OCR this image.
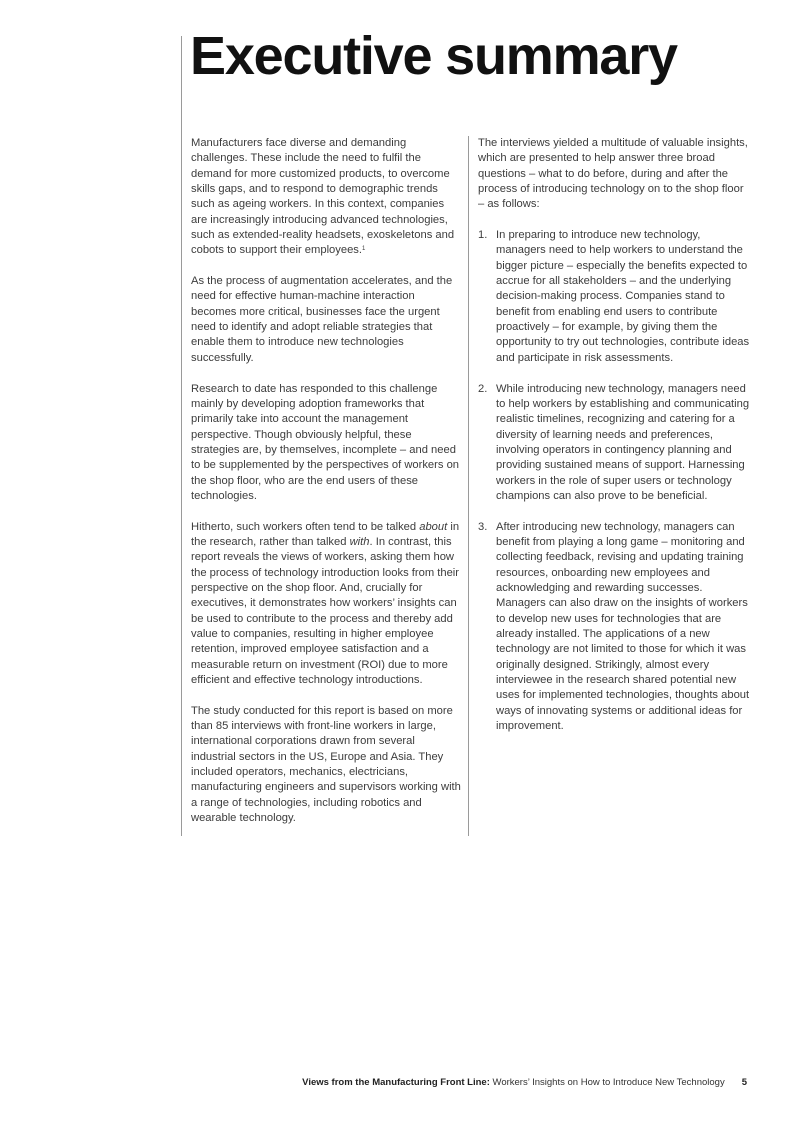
Executive summary

Manufacturers face diverse and demanding challenges. These include the need to fulfil the demand for more customized products, to overcome skills gaps, and to respond to demographic trends such as ageing workers. In this context, companies are increasingly introducing advanced technologies, such as extended-reality headsets, exoskeletons and cobots to support their employees.$^1$

As the process of augmentation accelerates, and the need for effective human-machine interaction becomes more critical, businesses face the urgent need to identify and adopt reliable strategies that enable them to introduce new technologies successfully.

Research to date has responded to this challenge mainly by developing adoption frameworks that primarily take into account the management perspective. Though obviously helpful, these strategies are, by themselves, incomplete – and need to be supplemented by the perspectives of workers on the shop floor, who are the end users of these technologies.

Hitherto, such workers often tend to be talked about in the research, rather than talked with. In contrast, this report reveals the views of workers, asking them how the process of technology introduction looks from their perspective on the shop floor. And, crucially for executives, it demonstrates how workers’ insights can be used to contribute to the process and thereby add value to companies, resulting in higher employee retention, improved employee satisfaction and a measurable return on investment (ROI) due to more efficient and effective technology introductions.

The study conducted for this report is based on more than 85 interviews with front-line workers in large, international corporations drawn from several industrial sectors in the US, Europe and Asia. They included operators, mechanics, electricians, manufacturing engineers and supervisors working with a range of technologies, including robotics and wearable technology.

The interviews yielded a multitude of valuable insights, which are presented to help answer three broad questions – what to do before, during and after the process of introducing technology on to the shop floor – as follows:

1. In preparing to introduce new technology, managers need to help workers to understand the bigger picture – especially the benefits expected to accrue for all stakeholders – and the underlying decision-making process. Companies stand to benefit from enabling end users to contribute proactively – for example, by giving them the opportunity to try out technologies, contribute ideas and participate in risk assessments.
2. While introducing new technology, managers need to help workers by establishing and communicating realistic timelines, recognizing and catering for a diversity of learning needs and preferences, involving operators in contingency planning and providing sustained means of support. Harnessing workers in the role of super users or technology champions can also prove to be beneficial.
3. After introducing new technology, managers can benefit from playing a long game – monitoring and collecting feedback, revising and updating training resources, onboarding new employees and acknowledging and rewarding successes. Managers can also draw on the insights of workers to develop new uses for technologies that are already installed. The applications of a new technology are not limited to those for which it was originally designed. Strikingly, almost every interviewee in the research shared potential new uses for implemented technologies, thoughts about ways of innovating systems or additional ideas for improvement.
Views from the Manufacturing Front Line: Workers’ Insights on How to Introduce New Technology 5
